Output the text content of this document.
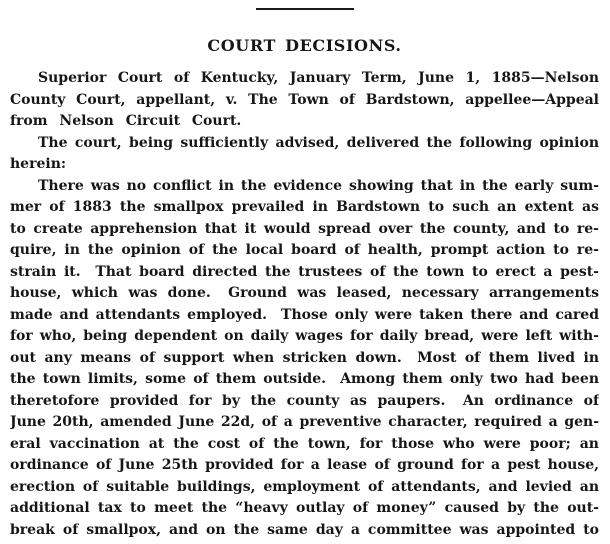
COURT DECISIONS.
Superior Court of Kentucky, January Term, June 1, 1885—Nelson
County Court, appellant, v. The Town of Bardstown, appellee—Appeal
from  Nelson  Circuit  Court.
The court, being sufficiently advised, delivered the following opinion
herein:
There was no conflict in the evidence showing that in the early sum-
mer of 1883 the smallpox prevailed in Bardstown to such an extent as
to create apprehension that it would spread over the county, and to re-
quire, in the opinion of the local board of health, prompt action to re-
strain it.  That board directed the trustees of the town to erect a pest-
house, which was done.  Ground was leased, necessary arrangements
made and attendants employed.  Those only were taken there and cared
for who, being dependent on daily wages for daily bread, were left with-
out any means of support when stricken down.  Most of them lived in
the town limits, some of them outside.  Among them only two had been
theretofore provided for by the county as paupers.  An ordinance of
June 20th, amended June 22d, of a preventive character, required a gen-
eral vaccination at the cost of the town, for those who were poor; an
ordinance of June 25th provided for a lease of ground for a pest house,
erection of suitable buildings, employment of attendants, and levied an
additional tax to meet the “heavy outlay of money” caused by the out-
break of smallpox, and on the same day a committee was appointed to
